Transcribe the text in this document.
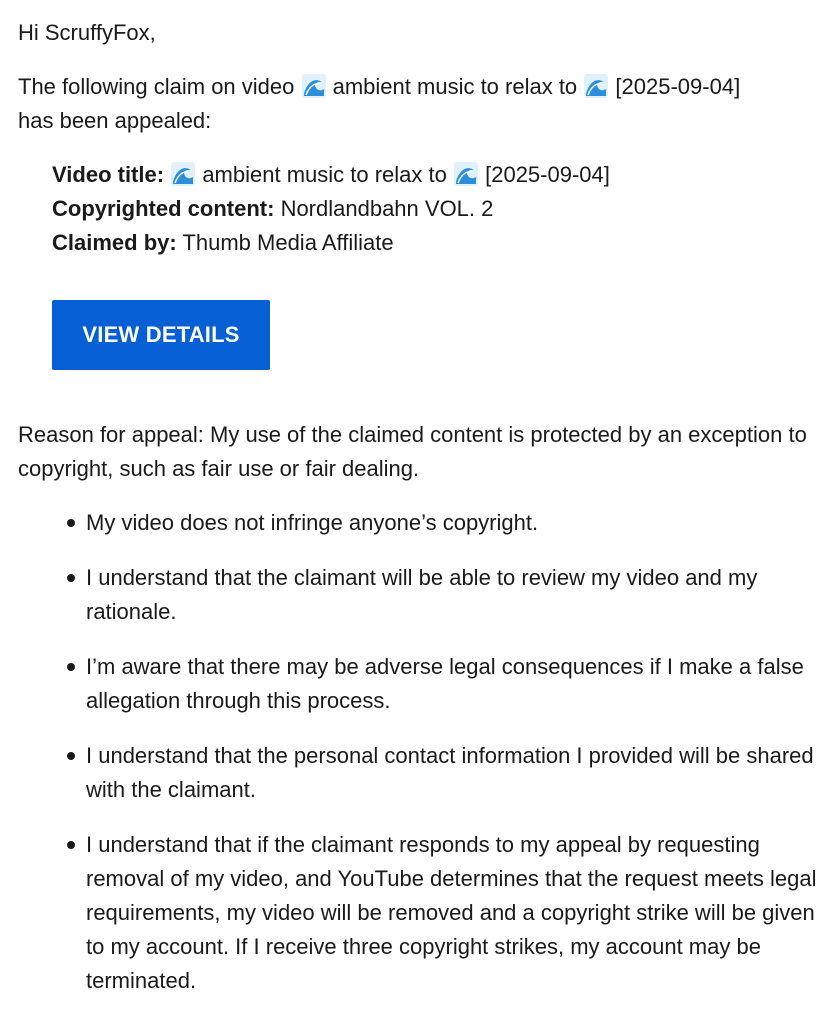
Hi ScruffyFox,

The following claim on video ambient music to relax to [2025-09-04]
has been appealed:

Video title: ambient music to relax to [2025-09-04]

Copyrighted content: Nordlandbahn VOL. 2

Claimed by: Thumb Media Affiliate

VIEW DETAILS

Reason for appeal: My use of the claimed content is protected by an exception to copyright, such as fair use or fair dealing.

My video does not infringe anyone’s copyright.
I understand that the claimant will be able to review my video and my rationale.
I’m aware that there may be adverse legal consequences if I make a false allegation through this process.
I understand that the personal contact information I provided will be shared with the claimant.
I understand that if the claimant responds to my appeal by requesting removal of my video, and YouTube determines that the request meets legal requirements, my video will be removed and a copyright strike will be given to my account. If I receive three copyright strikes, my account may be terminated.
